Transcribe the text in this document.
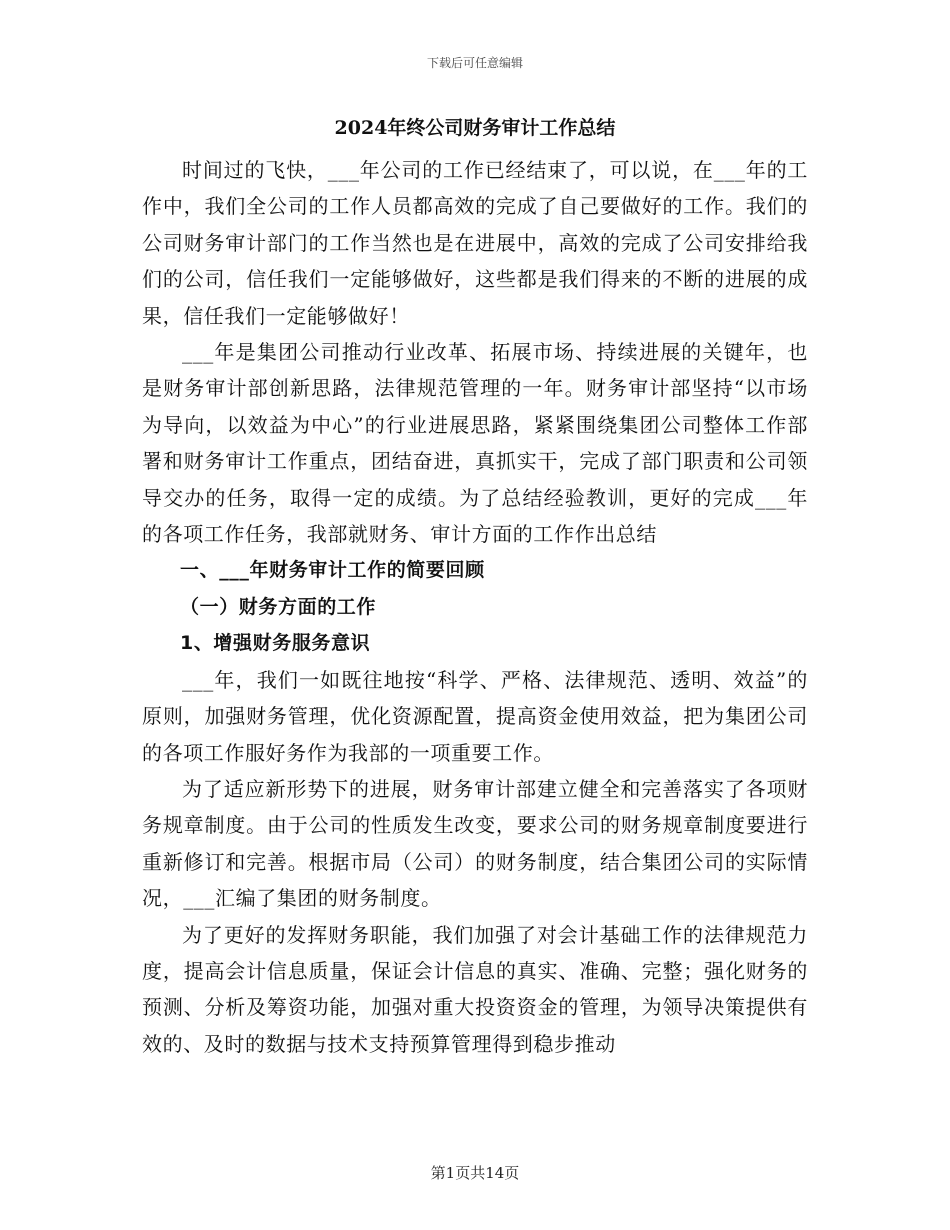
下载后可任意编辑
2024年终公司财务审计工作总结

时间过的飞快，___年公司的工作已经结束了，可以说，在___年的工作中，我们全公司的工作人员都高效的完成了自己要做好的工作。我们的公司财务审计部门的工作当然也是在进展中，高效的完成了公司安排给我们的公司，信任我们一定能够做好，这些都是我们得来的不断的进展的成果，信任我们一定能够做好！

___年是集团公司推动行业改革、拓展市场、持续进展的关键年，也是财务审计部创新思路，法律规范管理的一年。财务审计部坚持“以市场为导向，以效益为中心”的行业进展思路，紧紧围绕集团公司整体工作部署和财务审计工作重点，团结奋进，真抓实干，完成了部门职责和公司领导交办的任务，取得一定的成绩。为了总结经验教训，更好的完成___年的各项工作任务，我部就财务、审计方面的工作作出总结

一、___年财务审计工作的简要回顾

（一）财务方面的工作

1、增强财务服务意识

___年，我们一如既往地按“科学、严格、法律规范、透明、效益”的原则，加强财务管理，优化资源配置，提高资金使用效益，把为集团公司的各项工作服好务作为我部的一项重要工作。

为了适应新形势下的进展，财务审计部建立健全和完善落实了各项财务规章制度。由于公司的性质发生改变，要求公司的财务规章制度要进行重新修订和完善。根据市局（公司）的财务制度，结合集团公司的实际情况，___汇编了集团的财务制度。

为了更好的发挥财务职能，我们加强了对会计基础工作的法律规范力度，提高会计信息质量，保证会计信息的真实、准确、完整；强化财务的预测、分析及筹资功能，加强对重大投资资金的管理，为领导决策提供有效的、及时的数据与技术支持预算管理得到稳步推动

第1页共14页
